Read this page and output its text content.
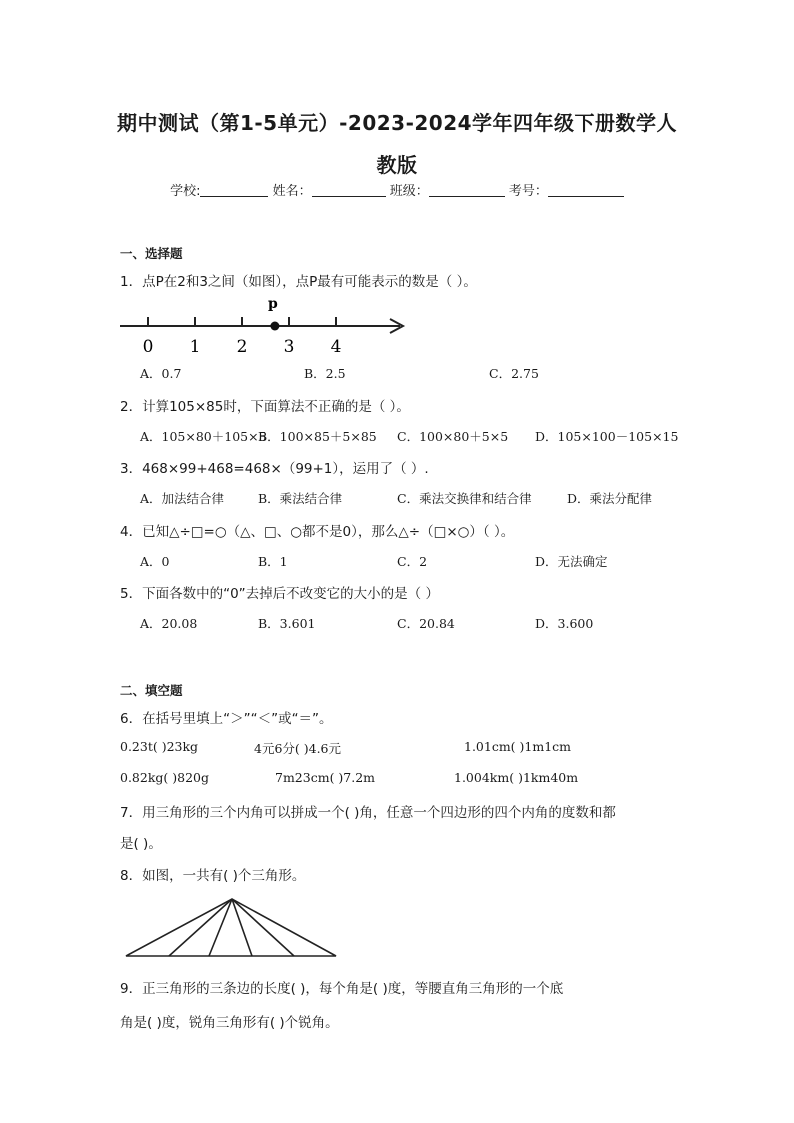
期中测试（第1-5单元）-2023-2024学年四年级下册数学人教版
学校:	姓名：	班级：	考号：
一、选择题
1．点P在2和3之间（如图），点P最有可能表示的数是（ ）。
0 1 2 3 4
p
A．0.7	B．2.5	C．2.75
2．计算105×85时，下面算法不正确的是（ ）。
A．105×80＋105×5
B．100×85＋5×85 C．100×80＋5×5 D．105×100－105×15
3．468×99+468=468×（99+1），运用了（ ）.
A．加法结合律	B．乘法结合律	C．乘法交换律和结合律	D．乘法分配律
4．已知△÷□=○（△、□、○都不是0），那么△÷（□×○）（ ）。
A．0	B．1	C．2	D．无法确定
5．下面各数中的“0”去掉后不改变它的大小的是（ ）
A．20.08	B．3.601	C．20.84	D．3.600
二、填空题
6．在括号里填上“＞”“＜”或“＝”。
0.23t( )23kg	4元6分( )4.6元	1.01cm( )1m1cm
0.82kg( )820g	7m23cm( )7.2m	1.004km( )1km40m
7．用三角形的三个内角可以拼成一个( )角，任意一个四边形的四个内角的度数和都
是( )。
8．如图，一共有( )个三角形。
9．正三角形的三条边的长度( )，每个角是( )度，等腰直角三角形的一个底
角是( )度，锐角三角形有( )个锐角。
